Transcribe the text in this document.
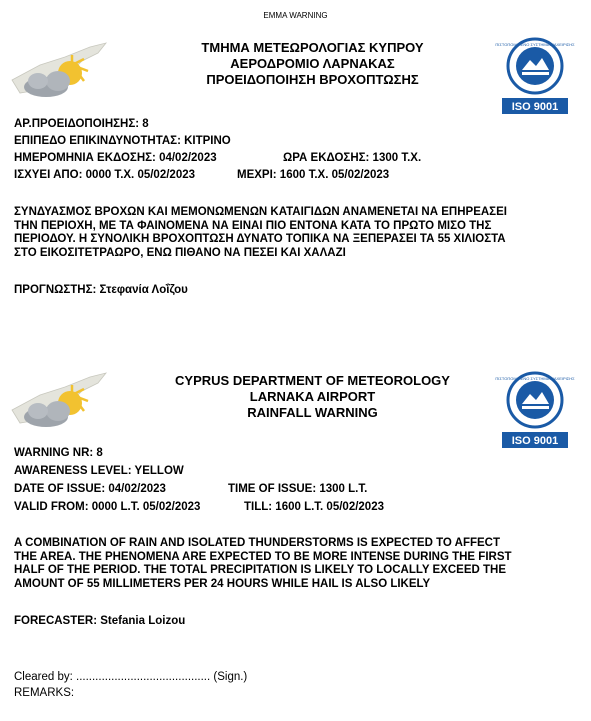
EMMA WARNING
ΤΜΗΜΑ ΜΕΤΕΩΡΟΛΟΓΙΑΣ ΚΥΠΡΟΥ
ΑΕΡΟΔΡΟΜΙΟ ΛΑΡΝΑΚΑΣ
ΠΡΟΕΙΔΟΠΟΙΗΣΗ ΒΡΟΧΟΠΤΩΣΗΣ
ΠΙΣΤΟΠΟΙΗΜΕΝΟ ΣΥΣΤΗΜΑ ΔΙΑΧΕΙΡΙΣΗΣ
ISO 9001
ΑΡ.ΠΡΟΕΙΔΟΠΟΙΗΣΗΣ: 8
ΕΠΙΠΕΔΟ ΕΠΙΚΙΝΔΥΝΟΤΗΤΑΣ: ΚΙΤΡΙΝΟ
ΗΜΕΡΟΜΗΝΙΑ ΕΚΔΟΣΗΣ: 04/02/2023	ΩΡΑ ΕΚΔΟΣΗΣ: 1300 Τ.Χ.
ΙΣΧΥΕΙ ΑΠΟ: 0000 Τ.Χ. 05/02/2023	ΜΕΧΡΙ: 1600 Τ.Χ. 05/02/2023
ΣΥΝΔΥΑΣΜΟΣ ΒΡΟΧΩΝ ΚΑΙ ΜΕΜΟΝΩΜΕΝΩΝ ΚΑΤΑΙΓΙΔΩΝ ΑΝΑΜΕΝΕΤΑΙ ΝΑ ΕΠΗΡΕΑΣΕΙ
ΤΗΝ ΠΕΡΙΟΧΗ, ΜΕ ΤΑ ΦΑΙΝΟΜΕΝΑ ΝΑ ΕΙΝΑΙ ΠΙΟ ΕΝΤΟΝΑ ΚΑΤΑ ΤΟ ΠΡΩΤΟ ΜΙΣΟ ΤΗΣ
ΠΕΡΙΟΔΟΥ. Η ΣΥΝΟΛΙΚΗ ΒΡΟΧΟΠΤΩΣΗ ΔΥΝΑΤΟ ΤΟΠΙΚΑ ΝΑ ΞΕΠΕΡΑΣΕΙ ΤΑ 55 ΧΙΛΙΟΣΤΑ
ΣΤΟ ΕΙΚΟΣΙΤΕΤΡΑΩΡΟ, ΕΝΩ ΠΙΘΑΝΟ ΝΑ ΠΕΣΕΙ ΚΑΙ ΧΑΛΑΖΙ
ΠΡΟΓΝΩΣΤΗΣ: Στεφανία Λοΐζου
CYPRUS DEPARTMENT OF METEOROLOGY
LARNAKA AIRPORT
RAINFALL WARNING
ΠΙΣΤΟΠΟΙΗΜΕΝΟ ΣΥΣΤΗΜΑ ΔΙΑΧΕΙΡΙΣΗΣ
ISO 9001
WARNING NR: 8
AWARENESS LEVEL: YELLOW
DATE OF ISSUE: 04/02/2023	TIME OF ISSUE: 1300 L.T.
VALID FROM: 0000 L.T. 05/02/2023	TILL: 1600 L.T. 05/02/2023
A COMBINATION OF RAIN AND ISOLATED THUNDERSTORMS IS EXPECTED TO AFFECT
THE AREA. THE PHENOMENA ARE EXPECTED TO BE MORE INTENSE DURING THE FIRST
HALF OF THE PERIOD. THE TOTAL PRECIPITATION IS LIKELY TO LOCALLY EXCEED THE
AMOUNT OF 55 MILLIMETERS PER 24 HOURS WHILE HAIL IS ALSO LIKELY
FORECASTER: Stefania Loizou
Cleared by: .......................................... (Sign.)
REMARKS:
